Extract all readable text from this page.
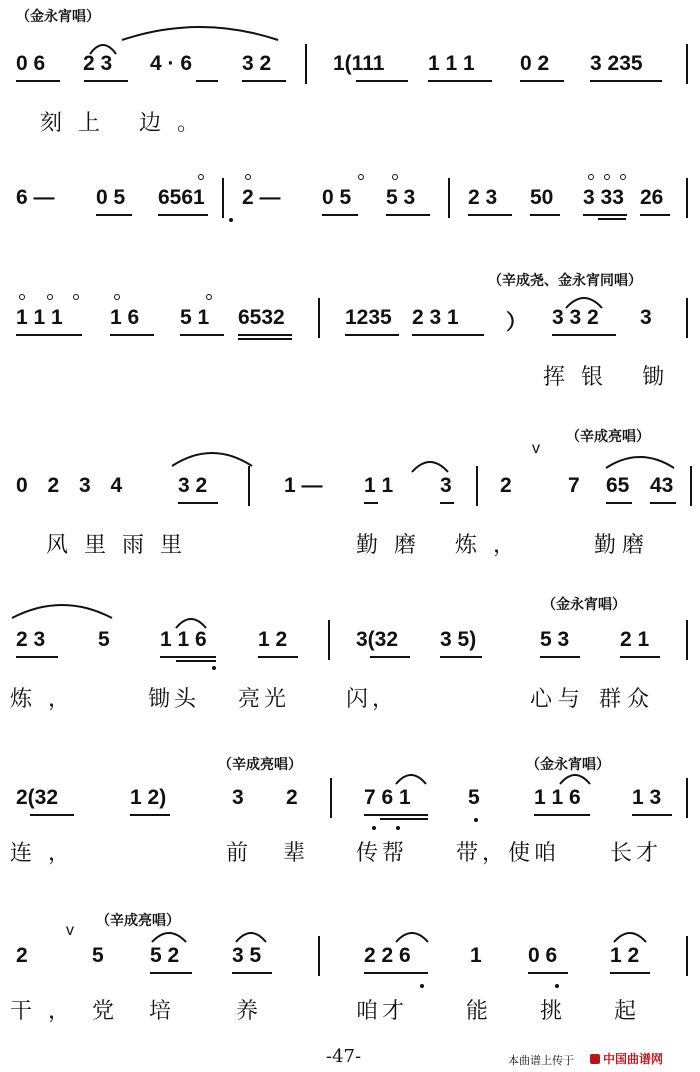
（金永宵唱）
0 6 2 3 4 · 6 3 2	1(111 1 1 1 0 2 3 235
刻上 边。
6 — 0 5 6561 2 — 0 5 5 3	2 3 50 3 33 26
（辛成尧、金永宵同唱）
1 1 1 1 6 5 1 6532	1235 2 3 1 ） 3 3 2 3
挥银 锄
（辛成亮唱）
v
0 2 3 4	3 2	1 — 1 1 3 2	7 65 43
风里雨里	勤磨 炼，	勤磨
（金永宵唱）
2 3	5 1 1 6 1 2	3(32 3 5)	5 3 2 1
炼，	锄头 亮光	闪，	心与 群众
（辛成亮唱）	（金永宵唱）
2(32	1 2)	3 2	7 6 1	5	1 1 6 1 3
连，	前 辈 传帮 带，使咱 长才
v
（辛成亮唱）
2	5 5 2	3 5	2 2 6	1 0 6	1 2
干， 党 培 养	咱才	能 挑 起
-47-	本曲谱上传于	中国曲谱网
